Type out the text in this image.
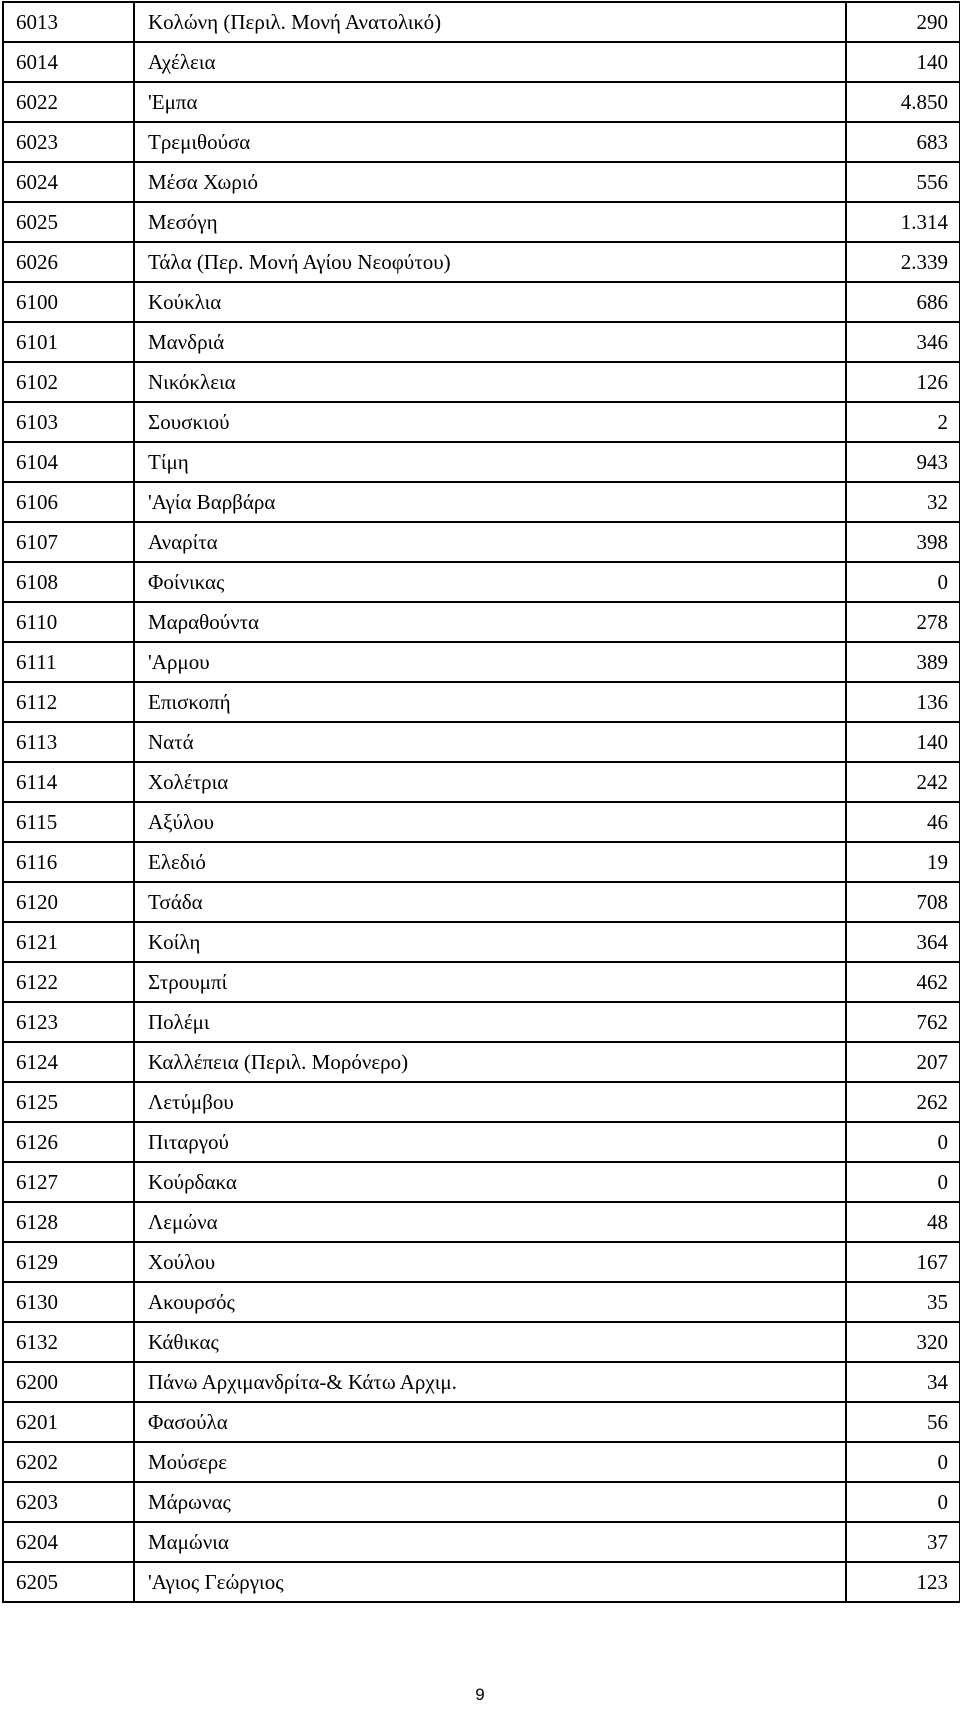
6013	Κολώνη (Περιλ. Μονή Ανατολικό)	290
6014	Αχέλεια	140
6022	'Εμπα	4.850
6023	Τρεμιθούσα	683
6024	Μέσα Χωριό	556
6025	Μεσόγη	1.314
6026	Τάλα (Περ. Μονή Αγίου Νεοφύτου)	2.339
6100	Κούκλια	686
6101	Μανδριά	346
6102	Νικόκλεια	126
6103	Σουσκιού	2
6104	Τίμη	943
6106	'Αγία Βαρβάρα	32
6107	Αναρίτα	398
6108	Φοίνικας	0
6110	Μαραθούντα	278
6111	'Αρμου	389
6112	Επισκοπή	136
6113	Νατά	140
6114	Χολέτρια	242
6115	Αξύλου	46
6116	Ελεδιό	19
6120	Τσάδα	708
6121	Κοίλη	364
6122	Στρουμπί	462
6123	Πολέμι	762
6124	Καλλέπεια (Περιλ. Μορόνερο)	207
6125	Λετύμβου	262
6126	Πιταργού	0
6127	Κούρδακα	0
6128	Λεμώνα	48
6129	Χούλου	167
6130	Ακουρσός	35
6132	Κάθικας	320
6200	Πάνω Αρχιμανδρίτα-& Κάτω Αρχιμ.	34
6201	Φασούλα	56
6202	Μούσερε	0
6203	Μάρωνας	0
6204	Μαμώνια	37
6205	'Αγιος Γεώργιος	123
9
